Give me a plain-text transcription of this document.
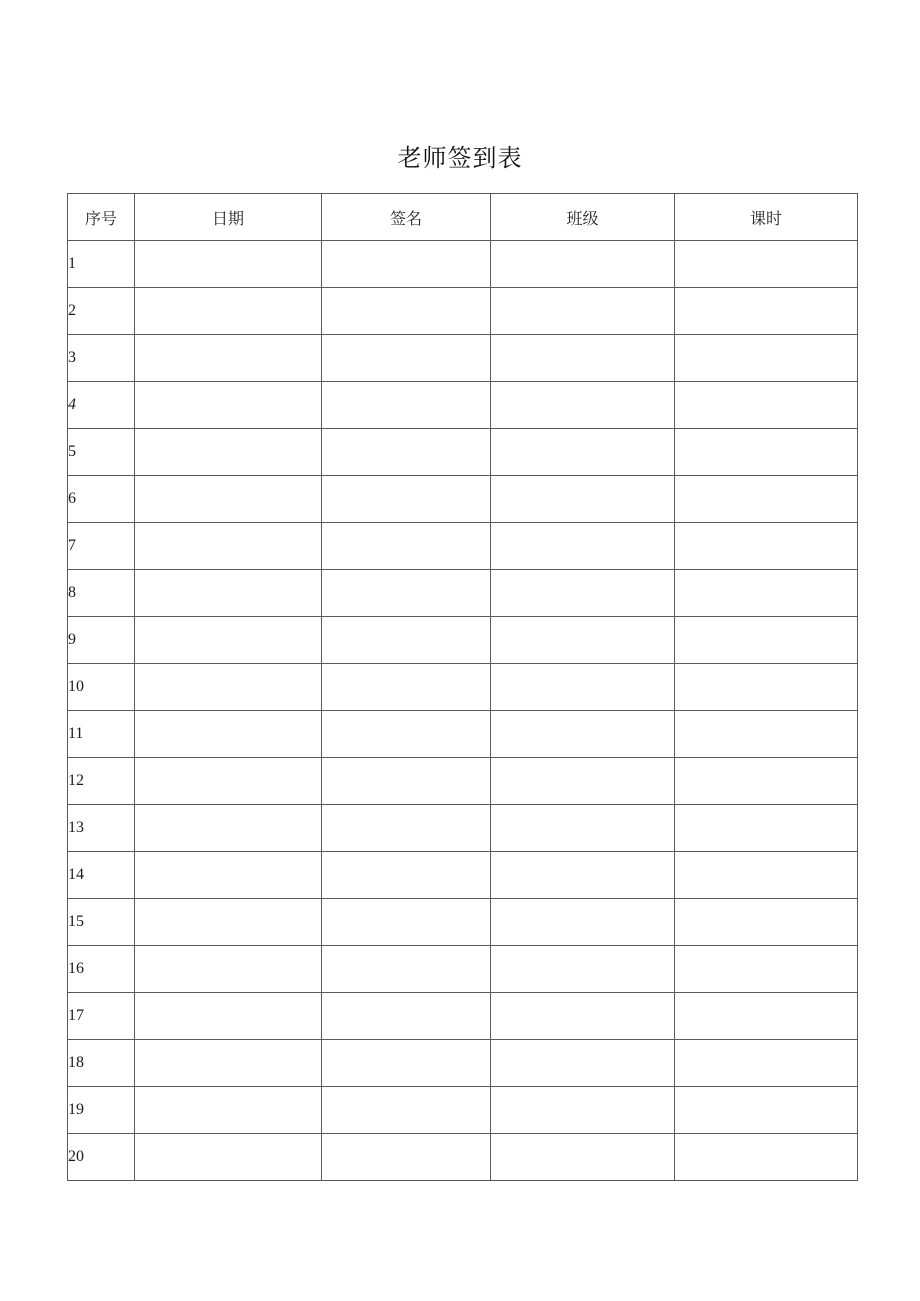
老师签到表
序号	日期	签名	班级	课时
1				
2				
3				
4				
5				
6				
7				
8				
9				
10				
11				
12				
13				
14				
15				
16				
17				
18				
19				
20				
